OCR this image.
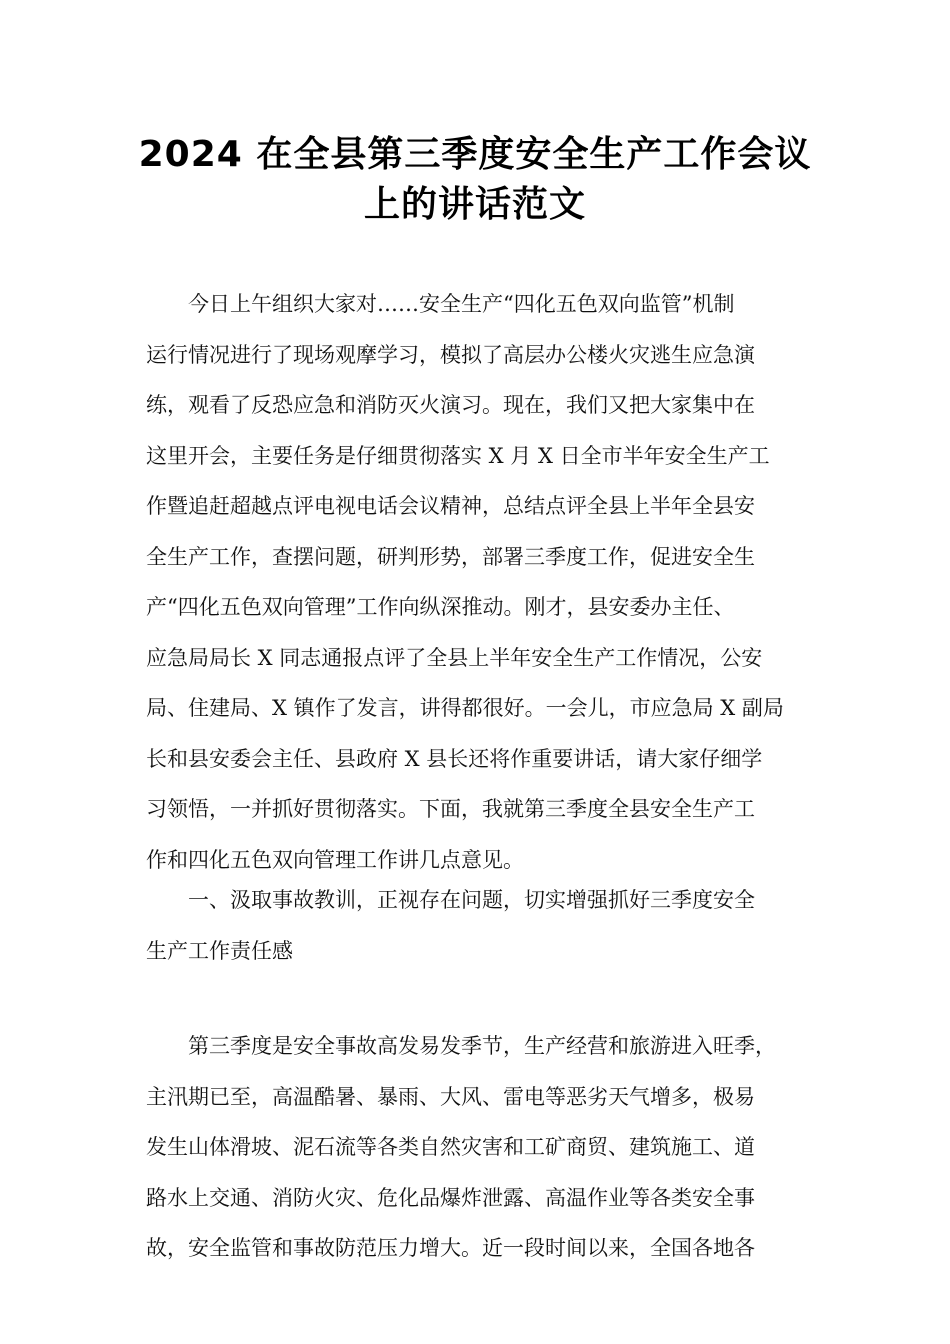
2024 在全县第三季度安全生产工作会议
上的讲话范文
今日上午组织大家对……安全生产“四化五色双向监管”机制
运行情况进行了现场观摩学习，模拟了高层办公楼火灾逃生应急演
练，观看了反恐应急和消防灭火演习。现在，我们又把大家集中在
这里开会，主要任务是仔细贯彻落实 X 月 X 日全市半年安全生产工
作暨追赶超越点评电视电话会议精神，总结点评全县上半年全县安
全生产工作，查摆问题，研判形势，部署三季度工作，促进安全生
产“四化五色双向管理”工作向纵深推动。刚才，县安委办主任、
应急局局长 X 同志通报点评了全县上半年安全生产工作情况，公安
局、住建局、X 镇作了发言，讲得都很好。一会儿，市应急局 X 副局
长和县安委会主任、县政府 X 县长还将作重要讲话，请大家仔细学
习领悟，一并抓好贯彻落实。下面，我就第三季度全县安全生产工
作和四化五色双向管理工作讲几点意见。
一、汲取事故教训，正视存在问题，切实增强抓好三季度安全
生产工作责任感
第三季度是安全事故高发易发季节，生产经营和旅游进入旺季，
主汛期已至，高温酷暑、暴雨、大风、雷电等恶劣天气增多，极易
发生山体滑坡、泥石流等各类自然灾害和工矿商贸、建筑施工、道
路水上交通、消防火灾、危化品爆炸泄露、高温作业等各类安全事
故，安全监管和事故防范压力增大。近一段时间以来，全国各地各
